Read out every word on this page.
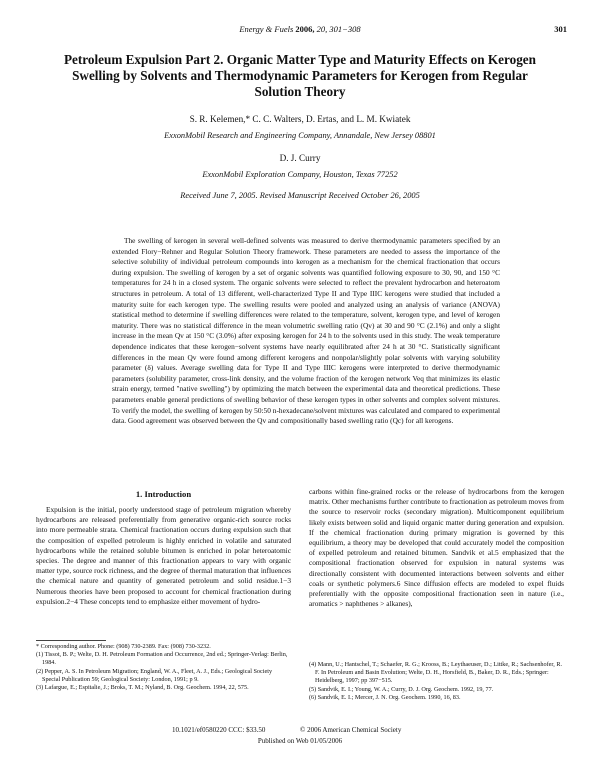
Energy & Fuels 2006, 20, 301−308	301
Petroleum Expulsion Part 2. Organic Matter Type and Maturity Effects on Kerogen Swelling by Solvents and Thermodynamic Parameters for Kerogen from Regular Solution Theory
S. R. Kelemen,* C. C. Walters, D. Ertas, and L. M. Kwiatek
ExxonMobil Research and Engineering Company, Annandale, New Jersey 08801
D. J. Curry
ExxonMobil Exploration Company, Houston, Texas 77252
Received June 7, 2005. Revised Manuscript Received October 26, 2005

The swelling of kerogen in several well-defined solvents was measured to derive thermodynamic parameters specified by an extended Flory−Rehner and Regular Solution Theory framework. These parameters are needed to assess the importance of the selective solubility of individual petroleum compounds into kerogen as a mechanism for the chemical fractionation that occurs during expulsion. The swelling of kerogen by a set of organic solvents was quantified following exposure to 30, 90, and 150 °C temperatures for 24 h in a closed system. The organic solvents were selected to reflect the prevalent hydrocarbon and heteroatom structures in petroleum. A total of 13 different, well-characterized Type II and Type IIIC kerogens were studied that included a maturity suite for each kerogen type. The swelling results were pooled and analyzed using an analysis of variance (ANOVA) statistical method to determine if swelling differences were related to the temperature, solvent, kerogen type, and level of kerogen maturity. There was no statistical difference in the mean volumetric swelling ratio (Qv) at 30 and 90 °C (2.1%) and only a slight increase in the mean Qv at 150 °C (3.0%) after exposing kerogen for 24 h to the solvents used in this study. The weak temperature dependence indicates that these kerogen−solvent systems have nearly equilibrated after 24 h at 30 °C. Statistically significant differences in the mean Qv were found among different kerogens and nonpolar/slightly polar solvents with varying solubility parameter (δ) values. Average swelling data for Type II and Type IIIC kerogens were interpreted to derive thermodynamic parameters (solubility parameter, cross-link density, and the volume fraction of the kerogen network Veq that minimizes its elastic strain energy, termed "native swelling") by optimizing the match between the experimental data and theoretical predictions. These parameters enable general predictions of swelling behavior of these kerogen types in other solvents and complex solvent mixtures. To verify the model, the swelling of kerogen by 50:50 n-hexadecane/solvent mixtures was calculated and compared to experimental data. Good agreement was observed between the Qv and compositionally based swelling ratio (Qc) for all kerogens.

1. Introduction

Expulsion is the initial, poorly understood stage of petroleum migration whereby hydrocarbons are released preferentially from generative organic-rich source rocks into more permeable strata. Chemical fractionation occurs during expulsion such that the composition of expelled petroleum is highly enriched in volatile and saturated hydrocarbons while the retained soluble bitumen is enriched in polar heteroatomic species. The degree and manner of this fractionation appears to vary with organic matter type, source rock richness, and the degree of thermal maturation that influences the chemical nature and quantity of generated petroleum and solid residue.1−3 Numerous theories have been proposed to account for chemical fractionation during expulsion.2−4 These concepts tend to emphasize either movement of hydro-

carbons within fine-grained rocks or the release of hydrocarbons from the kerogen matrix. Other mechanisms further contribute to fractionation as petroleum moves from the source to reservoir rocks (secondary migration). Multicomponent equilibrium likely exists between solid and liquid organic matter during generation and expulsion. If the chemical fractionation during primary migration is governed by this equilibrium, a theory may be developed that could accurately model the composition of expelled petroleum and retained bitumen. Sandvik et al.5 emphasized that the compositional fractionation observed for expulsion in natural systems was directionally consistent with documented interactions between solvents and either coals or synthetic polymers.6 Since diffusion effects are modeled to expel fluids preferentially with the opposite compositional fractionation seen in nature (i.e., aromatics > naphthenes > alkanes),

* Corresponding author. Phone: (908) 730-2389. Fax: (908) 730-3232.
(1) Tissot, B. P.; Welte, D. H. Petroleum Formation and Occurrence, 2nd ed.; Springer-Verlag: Berlin, 1984.
(2) Pepper, A. S. In Petroleum Migration; England, W. A., Fleet, A. J., Eds.; Geological Society Special Publication 59; Geological Society: London, 1991; p 9.
(3) Lafargue, E.; Espitalie, J.; Broks, T. M.; Nyland, B. Org. Geochem. 1994, 22, 575.
(4) Mann, U.; Hantschel, T.; Schaefer, R. G.; Krooss, B.; Leythaeuser, D.; Littke, R.; Sachsenhofer, R. F. In Petroleum and Basin Evolution; Welte, D. H., Horsfield, B., Baker, D. R., Eds.; Springer: Heidelberg, 1997; pp 397−515.
(5) Sandvik, E. I.; Young, W. A.; Curry, D. J. Org. Geochem. 1992, 19, 77.
(6) Sandvik, E. I.; Mercer, J. N. Org. Geochem. 1990, 16, 83.
10.1021/ef0580220 CCC: $33.50	© 2006 American Chemical Society
Published on Web 01/05/2006
